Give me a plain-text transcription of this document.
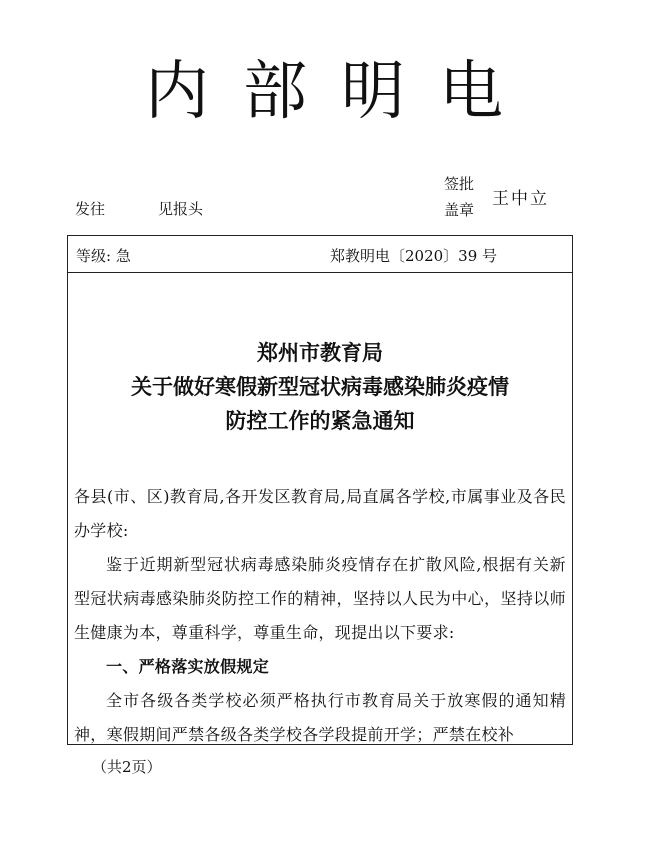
内部明电
发往	见报头
签批
盖章
王中立
等级: 急	郑教明电〔2020〕39 号
郑州市教育局
关于做好寒假新型冠状病毒感染肺炎疫情
防控工作的紧急通知

各县(市、区)教育局,各开发区教育局,局直属各学校,市属事业及各民办学校:

鉴于近期新型冠状病毒感染肺炎疫情存在扩散风险,根据有关新型冠状病毒感染肺炎防控工作的精神，坚持以人民为中心，坚持以师生健康为本，尊重科学，尊重生命，现提出以下要求:

一、严格落实放假规定

全市各级各类学校必须严格执行市教育局关于放寒假的通知精神，寒假期间严禁各级各类学校各学段提前开学；严禁在校补

（共2页）
